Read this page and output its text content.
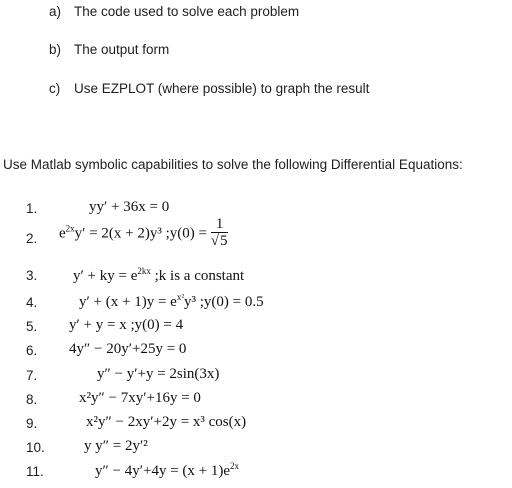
a) The code used to solve each problem
b) The output form
c) Use EZPLOT (where possible) to graph the result
Use Matlab symbolic capabilities to solve the following Differential Equations:
1.
2.
3.
4.
5.
6.
7.
8.
9.
10.
11.
yy′ + 36x = 0
$e^{2x}y' = 2(x + 2)y^3$ ;y(0) = $\frac{1}{√5}$
y′ + ky = $e^{2kx}$ ;k is a constant
$y' + (x + 1)y = e^{x^2}y^3$ ;y(0) = 0.5
y′ + y = x ;y(0) = 4
4y″ − 20y′+25y = 0
y″ − y′+y = 2sin(3x)
x²y″ − 7xy′+16y = 0
x²y″ − 2xy′+2y = x³ cos(x)
y y″ = 2y′²
$y'' - 4y'+4y = (x + 1)e^{2x}$
